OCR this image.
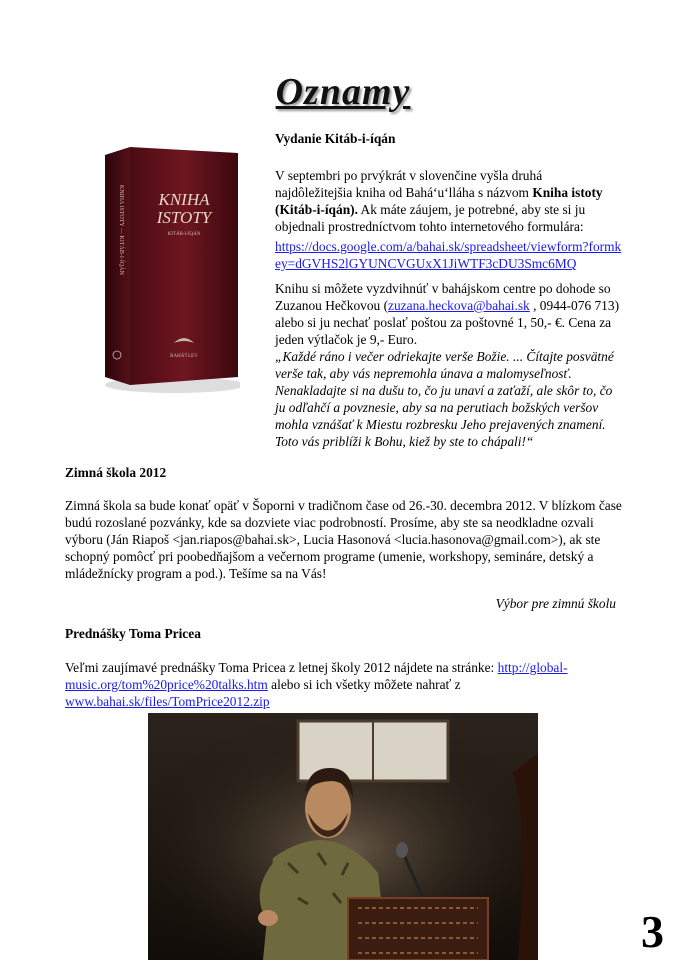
Oznamy
KNIHA
ISTOTY
KITÁB-I-ÍQÁN
KNIHA ISTOTY — KITÁB-I-ÍQÁN
BAHÁ'Í LEV
Vydanie Kitáb-i-íqán
V septembri po prvýkrát v slovenčine vyšla druhá najdôležitejšia kniha od Baháʻuʻlláha s názvom Kniha istoty (Kitáb-i-íqán). Ak máte záujem, je potrebné, aby ste si ju objednali prostredníctvom tohto internetového formulára:
https://docs.google.com/a/bahai.sk/spreadsheet/viewform?formkey=dGVHS2lGYUNCVGUxX1JiWTF3cDU3Smc6MQ
Knihu si môžete vyzdvihnúť v bahájskom centre po dohode so Zuzanou Hečkovou (zuzana.heckova@bahai.sk , 0944-076 713) alebo si ju nechať poslať poštou za poštovné 1, 50,- €. Cena za jeden výtlačok je 9,- Euro.
„Každé ráno i večer odriekajte verše Božie. ... Čítajte posvätné verše tak, aby vás nepremohla únava a malomyseľnosť. Nenakladajte si na dušu to, čo ju unaví a zaťaží, ale skôr to, čo ju odľahčí a povznesie, aby sa na perutiach božských veršov mohla vznášať k Miestu rozbresku Jeho prejavených znamení. Toto vás priblíži k Bohu, kiež by ste to chápali!“
Zimná škola 2012
Zimná škola sa bude konať opäť v Šoporni v tradičnom čase od 26.-30. decembra 2012. V blízkom čase budú rozoslané pozvánky, kde sa dozviete viac podrobností. Prosíme, aby ste sa neodkladne ozvali výboru (Ján Riapoš <jan.riapos@bahai.sk>, Lucia Hasonová <lucia.hasonova@gmail.com>), ak ste schopný pomôcť pri poobedňajšom a večernom programe (umenie, workshopy, semináre, detský a mládežnícky program a pod.). Tešíme sa na Vás!
Výbor pre zimnú školu
Prednášky Toma Pricea
Veľmi zaujímavé prednášky Toma Pricea z letnej školy 2012 nájdete na stránke: http://global-music.org/tom%20price%20talks.htm alebo si ich všetky môžete nahrať z www.bahai.sk/files/TomPrice2012.zip
3
